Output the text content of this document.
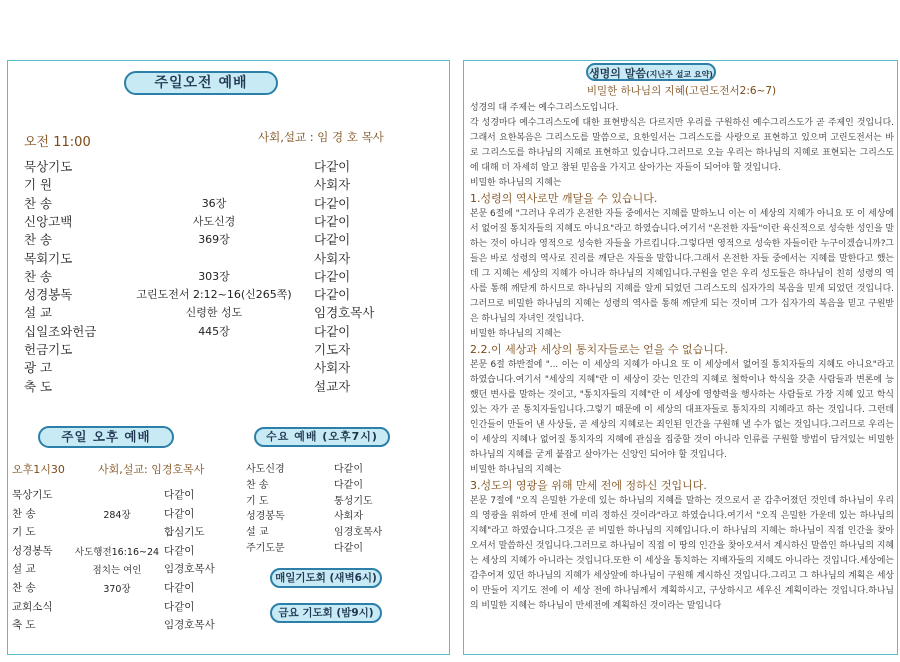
주일오전 예배
오전 11:00	사회,설교 : 임 경 호 목사
묵상기도	다같이
기 원	사회자
찬 송	36장	다같이
신앙고백	사도신경	다같이
찬 송	369장	다같이
목회기도	사회자
찬 송	303장	다같이
성경봉독	고린도전서 2:12~16(신265쪽)	다같이
설 교	신령한 성도	임경호목사
십일조와헌금	445장	다같이
헌금기도	기도자
광 고	사회자
축 도	설교자
주일 오후 예배	수요 예배 (오후7시)
오후1시30	사회,설교: 임경호목사
묵상기도	다같이
찬 송	284장	다같이
기 도	합심기도
성경봉독	사도행전16:16~24 다같이
설 교	점치는 여인	임경호목사
찬 송	370장	다같이
교회소식	다같이
축 도	임경호목사
사도신경	다같이
찬 송	다같이
기 도	통성기도
성경봉독	사회자
설 교	임경호목사
주기도문	다같이
매일기도회 (새벽6시)
금요 기도회 (밤9시)
생명의 말씀(지난주 설교 요약)
비밀한 하나님의 지혜(고린도전서2:6~7)

성경의 대 주제는 예수그리스도입니다.

각 성경마다 예수그리스도에 대한 표현방식은 다르지만 우리를 구원하신 예수그리스도가 곧 주제인 것입니다. 그래서 요한복음은 그리스도를 말씀으로, 요한일서는 그리스도를 사랑으로 표현하고 있으며 고린도전서는 바로 그리스도를 하나님의 지혜로 표현하고 있습니다.그러므로 오늘 우리는 하나님의 지혜로 표현되는 그리스도에 대해 더 자세히 알고 참된 믿음을 가지고 살아가는 자들이 되어야 할 것입니다.

비밀한 하나님의 지혜는

1.성령의 역사로만 깨달을 수 있습니다.

본문 6절에 "그러나 우리가 온전한 자들 중에서는 지혜를 말하노니 이는 이 세상의 지혜가 아니요 또 이 세상에서 없어질 통치자들의 지혜도 아니요"라고 하였습니다.여기서 "온전한 자들"이란 육신적으로 성숙한 성인을 말하는 것이 아니라 영적으로 성숙한 자들을 가르킵니다.그렇다면 영적으로 성숙한 자들이란 누구이겠습니까?그들은 바로 성령의 역사로 진리를 깨닫은 자들을 말합니다.그래서 온전한 자들 중에서는 지혜를 말한다고 했는데 그 지혜는 세상의 지혜가 아니라 하나님의 지혜입니다.구원을 얻은 우리 성도들은 하나님이 친히 성령의 역사를 통해 깨닫게 하시므로 하나님의 지혜를 알게 되었던 그리스도의 십자가의 복음을 믿게 되었던 것입니다.그러므로 비밀한 하나님의 지혜는 성령의 역사를 통해 깨닫게 되는 것이며 그가 십자가의 복음을 믿고 구원받은 하나님의 자녀인 것입니다.

비밀한 하나님의 지혜는

2.2.이 세상과 세상의 통치자들로는 얻을 수 없습니다.

본문 6절 하반절에 "... 이는 이 세상의 지혜가 아니요 또 이 세상에서 없어질 통치자들의 지혜도 아니요"라고 하였습니다.여기서 "세상의 지혜"란 이 세상이 갖는 인간의 지혜로 철학이나 학식을 갖춘 사람들과 변론에 능했던 변사를 말하는 것이고, "통치자들의 지혜"란 이 세상에 영향력을 행사하는 사람들로 가장 지혜 있고 학식있는 자가 곧 통치자들입니다.그렇기 때문에 이 세상의 대표자들로 통치자의 지혜라고 하는 것입니다. 그런데 인간들이 만들어 낸 사상들, 곧 세상의 지혜로는 죄인된 인간을 구원해 낼 수가 없는 것입니다.그러므로 우리는 이 세상의 지혜나 없어질 통치자의 지혜에 관심을 집중할 것이 아니라 인류를 구원할 방법이 담겨있는 비밀한 하나님의 지혜를 굳게 붙잡고 살아가는 신앙인 되어야 할 것입니다.

비밀한 하나님의 지혜는

3.성도의 영광을 위해 만세 전에 정하신 것입니다.

본문 7절에 "오직 은밀한 가운데 있는 하나님의 지혜를 말하는 것으로서 곧 감추어졌던 것인데 하나님이 우리의 영광을 위하여 만세 전에 미리 정하신 것이라"라고 하였습니다.여기서 "오직 은밀한 가운데 있는 하나님의 지혜"라고 하였습니다.그것은 곧 비밀한 하나님의 지혜입니다.이 하나님의 지혜는 하나님이 직접 인간을 찾아 오셔서 말씀하신 것입니다.그러므로 하나님이 직접 이 땅의 인간을 찾아오셔서 계시하신 말씀인 하나님의 지혜는 세상의 지혜가 아니라는 것입니다.또한 이 세상을 통치하는 지배자들의 지혜도 아니라는 것입니다.세상에는 감추어져 있던 하나님의 지혜가 세상앞에 하나님이 구원해 계시하신 것입니다.그리고 그 하나님의 계획은 세상이 만들어 지기도 전에 이 세상 전에 하나님께서 계획하시고, 구상하시고 세우신 계획이라는 것입니다.하나님의 비밀한 지혜는 하나님이 만세전에 계획하신 것이라는 말입니다
